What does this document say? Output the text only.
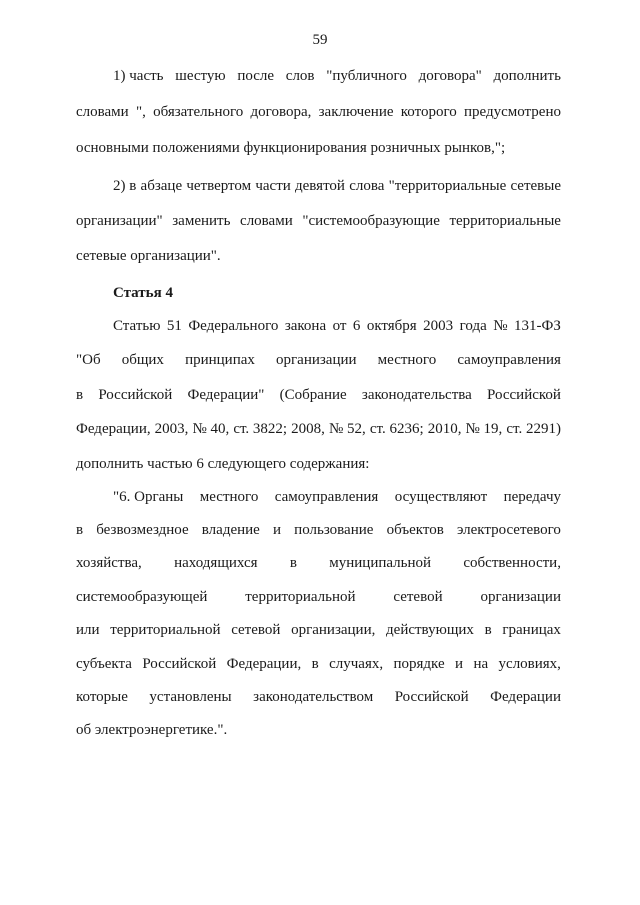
59
1) часть шестую после слов "публичного договора" дополнить
словами ", обязательного договора, заключение которого предусмотрено
основными положениями функционирования розничных рынков,";
2) в абзаце четвертом части девятой слова "территориальные сетевые
организации" заменить словами "системообразующие территориальные
сетевые организации".
Статья 4
Статью 51 Федерального закона от 6 октября 2003 года № 131-ФЗ
"Об общих принципах организации местного самоуправления
в Российской Федерации" (Собрание законодательства Российской
Федерации, 2003, № 40, ст. 3822; 2008, № 52, ст. 6236; 2010, № 19, ст. 2291)
дополнить частью 6 следующего содержания:
"6. Органы местного самоуправления осуществляют передачу
в безвозмездное владение и пользование объектов электросетевого
хозяйства, находящихся в муниципальной собственности,
системообразующей	территориальной	сетевой	организации
или территориальной сетевой организации, действующих в границах
субъекта Российской Федерации, в случаях, порядке и на условиях,
которые установлены законодательством Российской Федерации
об электроэнергетике.".
